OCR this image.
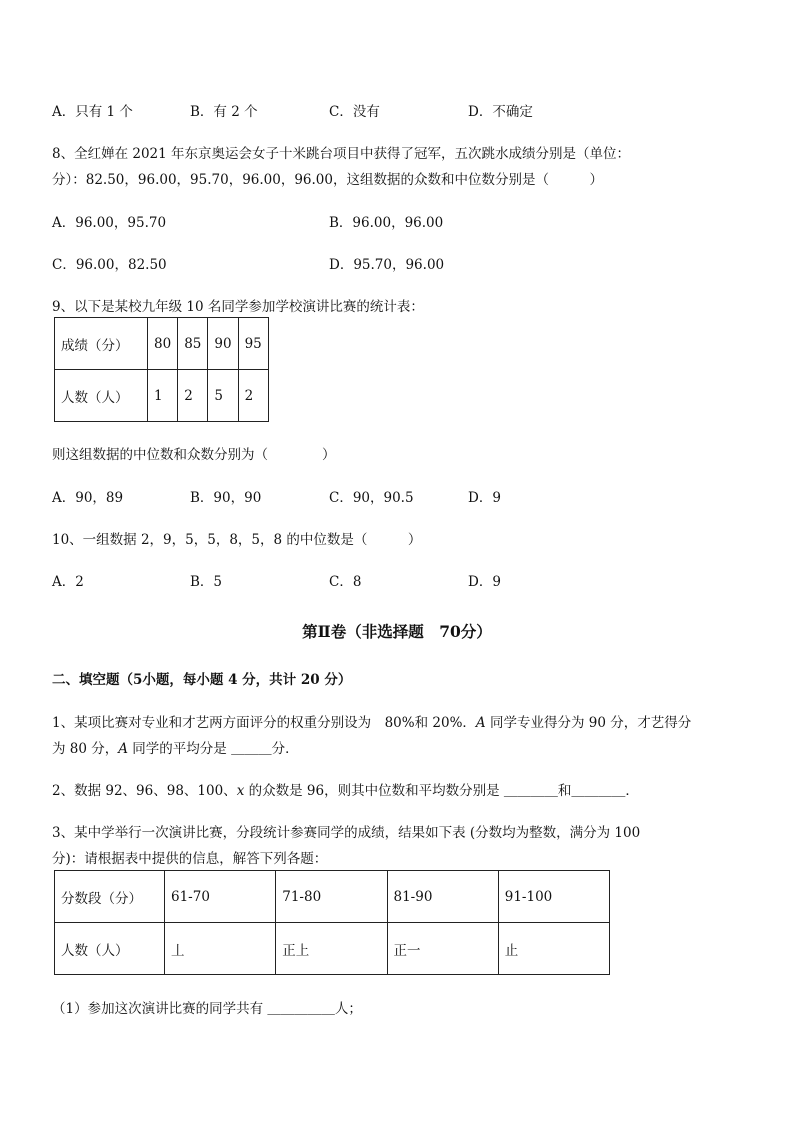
A．只有 1 个	B．有 2 个	C．没有	D．不确定
8、全红婵在 2021 年东京奥运会女子十米跳台项目中获得了冠军，五次跳水成绩分别是（单位：
分）：82.50，96.00，95.70，96.00，96.00，这组数据的众数和中位数分别是（　　　）
A．96.00，95.70	B．96.00，96.00
C．96.00，82.50	D．95.70，96.00
9、以下是某校九年级 10 名同学参加学校演讲比赛的统计表：
成绩（分）	80	85	90	95
人数（人）	1	2	5	2
则这组数据的中位数和众数分别为（　　　　）
A．90，89	B．90，90	C．90，90.5	D．9
10、一组数据 2，9，5，5，8，5，8 的中位数是（　　　）
A．2	B．5	C．8	D．9
第Ⅱ卷（非选择题　70分）
二、填空题（5小题，每小题 4 分，共计 20 分）
1、某项比赛对专业和才艺两方面评分的权重分别设为　80%和 20%．A 同学专业得分为 90 分，才艺得分
为 80 分，A 同学的平均分是 ＿＿＿分．
2、数据 92、96、98、100、x 的众数是 96，则其中位数和平均数分别是 ＿＿＿＿和＿＿＿＿．
3、某中学举行一次演讲比赛，分段统计参赛同学的成绩，结果如下表 (分数均为整数，满分为 100
分)：请根据表中提供的信息，解答下列各题：
分数段（分）	61-70	71-80	81-90	91-100
人数（人）	丄	正上	正一	止
（1）参加这次演讲比赛的同学共有 ＿＿＿＿＿人；
